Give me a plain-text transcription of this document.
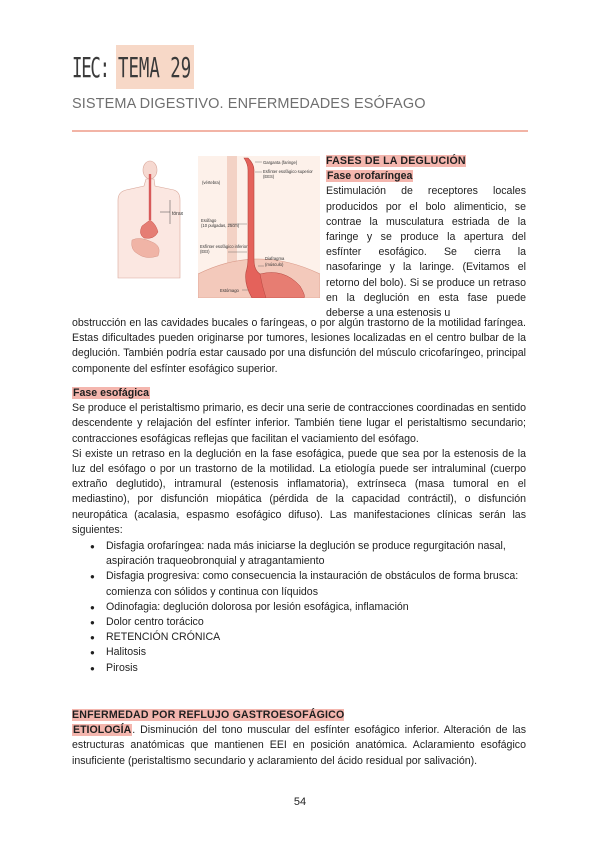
IEC: TEMA 29
SISTEMA DIGESTIVO. ENFERMEDADES ESÓFAGO
tórax
Garganta (faringe)
Esfínter esofágico superior
(EES)
(vértebra)
Esófago
(10 pulgadas, 25cm)
Esfínter esofágico inferior
(EEI)
Diafragma
(músculo)
Estómago
FASES DE LA DEGLUCIÓN
Fase orofaríngea

Estimulación de receptores locales producidos por el bolo alimenticio, se contrae la musculatura estriada de la faringe y se produce la apertura del esfínter esofágico. Se cierra la nasofaringe y la laringe. (Evitamos el retorno del bolo). Si se produce un retraso en la deglución en esta fase puede deberse a una estenosis u

obstrucción en las cavidades bucales o faríngeas, o por algún trastorno de la motilidad faríngea. Estas dificultades pueden originarse por tumores, lesiones localizadas en el centro bulbar de la deglución. También podría estar causado por una disfunción del músculo cricofaríngeo, principal componente del esfínter esofágico superior.

Fase esofágica

Se produce el peristaltismo primario, es decir una serie de contracciones coordinadas en sentido descendente y relajación del esfínter inferior. También tiene lugar el peristaltismo secundario; contracciones esofágicas reflejas que facilitan el vaciamiento del esófago.

Si existe un retraso en la deglución en la fase esofágica, puede que sea por la estenosis de la luz del esófago o por un trastorno de la motilidad. La etiología puede ser intraluminal (cuerpo extraño deglutido), intramural (estenosis inflamatoria), extrínseca (masa tumoral en el mediastino), por disfunción miopática (pérdida de la capacidad contráctil), o disfunción neuropática (acalasia, espasmo esofágico difuso). Las manifestaciones clínicas serán las siguientes:

● Disfagia orofaríngea: nada más iniciarse la deglución se produce regurgitación nasal, aspiración traqueobronquial y atragantamiento
● Disfagia progresiva: como consecuencia la instauración de obstáculos de forma brusca: comienza con sólidos y continua con líquidos
● Odinofagia: deglución dolorosa por lesión esofágica, inflamación
● Dolor centro torácico
● RETENCIÓN CRÓNICA
● Halitosis
● Pirosis
ENFERMEDAD POR REFLUJO GASTROESOFÁGICO

ETIOLOGÍA. Disminución del tono muscular del esfínter esofágico inferior. Alteración de las estructuras anatómicas que mantienen EEI en posición anatómica. Aclaramiento esofágico insuficiente (peristaltismo secundario y aclaramiento del ácido residual por salivación).

54
